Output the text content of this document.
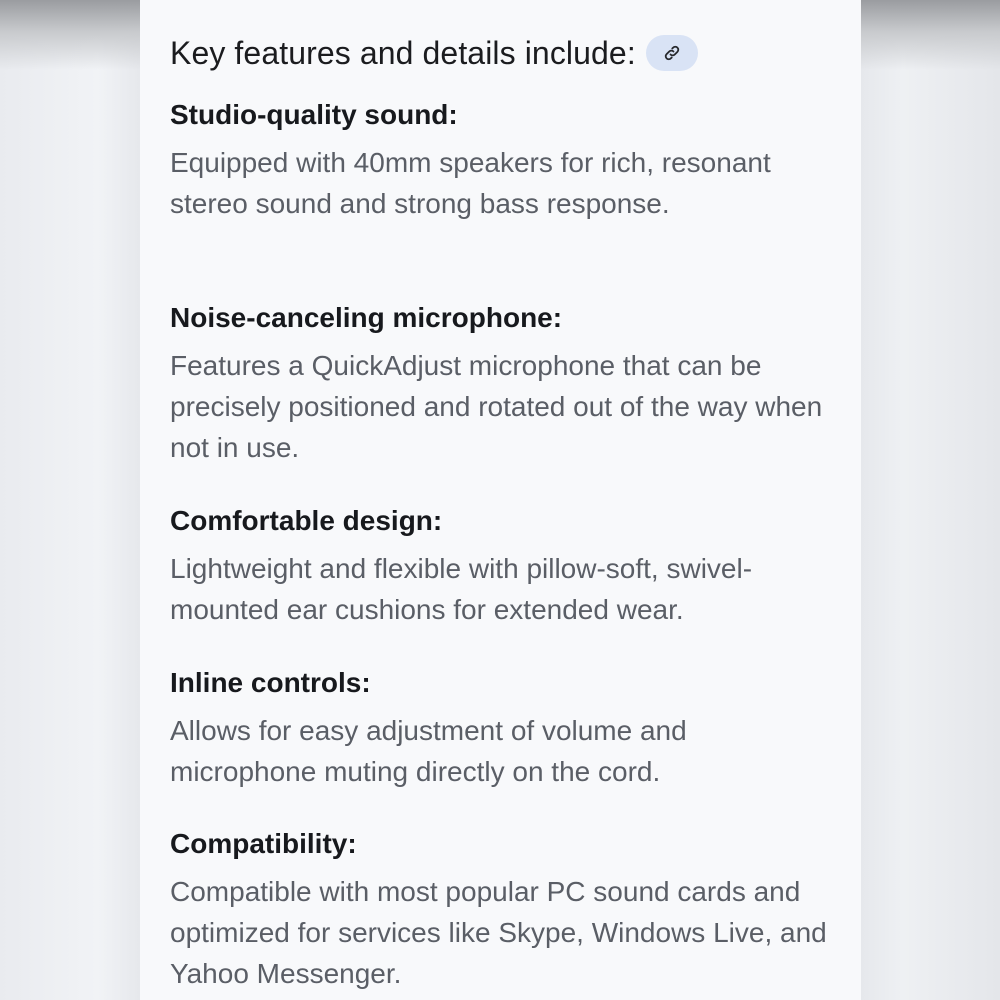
Key features and details include:
Studio-quality sound:
Equipped with 40mm speakers for rich, resonant stereo sound and strong bass response.
Noise-canceling microphone:
Features a QuickAdjust microphone that can be precisely positioned and rotated out of the way when not in use.
Comfortable design:
Lightweight and flexible with pillow-soft, swivel-mounted ear cushions for extended wear.
Inline controls:
Allows for easy adjustment of volume and microphone muting directly on the cord.
Compatibility:
Compatible with most popular PC sound cards and optimized for services like Skype, Windows Live, and Yahoo Messenger.
